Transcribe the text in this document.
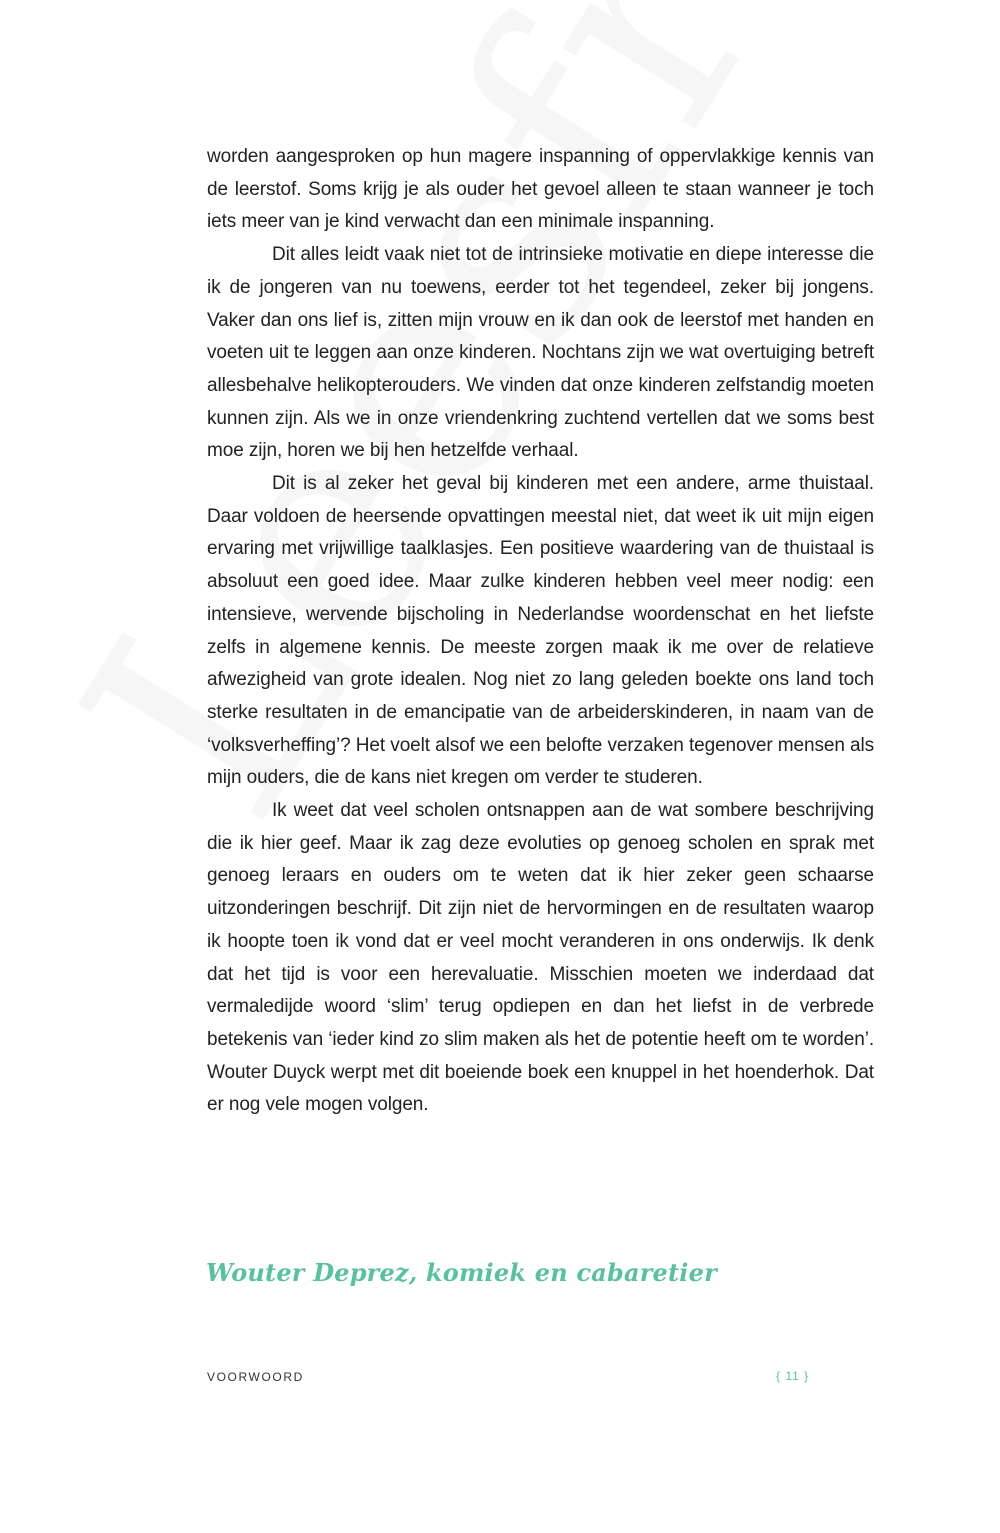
worden aangesproken op hun magere inspanning of oppervlakkige kennis van de leerstof. Soms krijg je als ouder het gevoel alleen te staan wanneer je toch iets meer van je kind verwacht dan een minimale inspanning.

Dit alles leidt vaak niet tot de intrinsieke motivatie en diepe interesse die ik de jongeren van nu toewens, eerder tot het tegendeel, zeker bij jongens. Vaker dan ons lief is, zitten mijn vrouw en ik dan ook de leerstof met handen en voeten uit te leggen aan onze kinderen. Nochtans zijn we wat overtuiging betreft allesbehalve helikopterouders. We vinden dat onze kinderen zelfstandig moeten kunnen zijn. Als we in onze vriendenkring zuchtend vertellen dat we soms best moe zijn, horen we bij hen hetzelfde verhaal.

Dit is al zeker het geval bij kinderen met een andere, arme thuistaal. Daar voldoen de heersende opvattingen meestal niet, dat weet ik uit mijn eigen ervaring met vrijwillige taalklasjes. Een positieve waardering van de thuistaal is absoluut een goed idee. Maar zulke kinderen hebben veel meer nodig: een intensieve, wervende bijscholing in Nederlandse woordenschat en het liefste zelfs in algemene kennis. De meeste zorgen maak ik me over de relatieve afwezigheid van grote idealen. Nog niet zo lang geleden boekte ons land toch sterke resultaten in de emancipatie van de arbeiderskinderen, in naam van de ‘volksverheffing’? Het voelt alsof we een belofte verzaken tegenover mensen als mijn ouders, die de kans niet kregen om verder te studeren.

Ik weet dat veel scholen ontsnappen aan de wat sombere beschrijving die ik hier geef. Maar ik zag deze evoluties op genoeg scholen en sprak met genoeg leraars en ouders om te weten dat ik hier zeker geen schaarse uitzonderingen beschrijf. Dit zijn niet de hervormingen en de resultaten waarop ik hoopte toen ik vond dat er veel mocht veranderen in ons onderwijs. Ik denk dat het tijd is voor een herevaluatie. Misschien moeten we inderdaad dat vermaledijde woord ‘slim’ terug opdiepen en dan het liefst in de verbrede betekenis van ‘ieder kind zo slim maken als het de potentie heeft om te worden’. Wouter Duyck werpt met dit boeiende boek een knuppel in het hoenderhok. Dat er nog vele mogen volgen.

Wouter Deprez, komiek en cabaretier
VOORWOORD	{ 11 }
